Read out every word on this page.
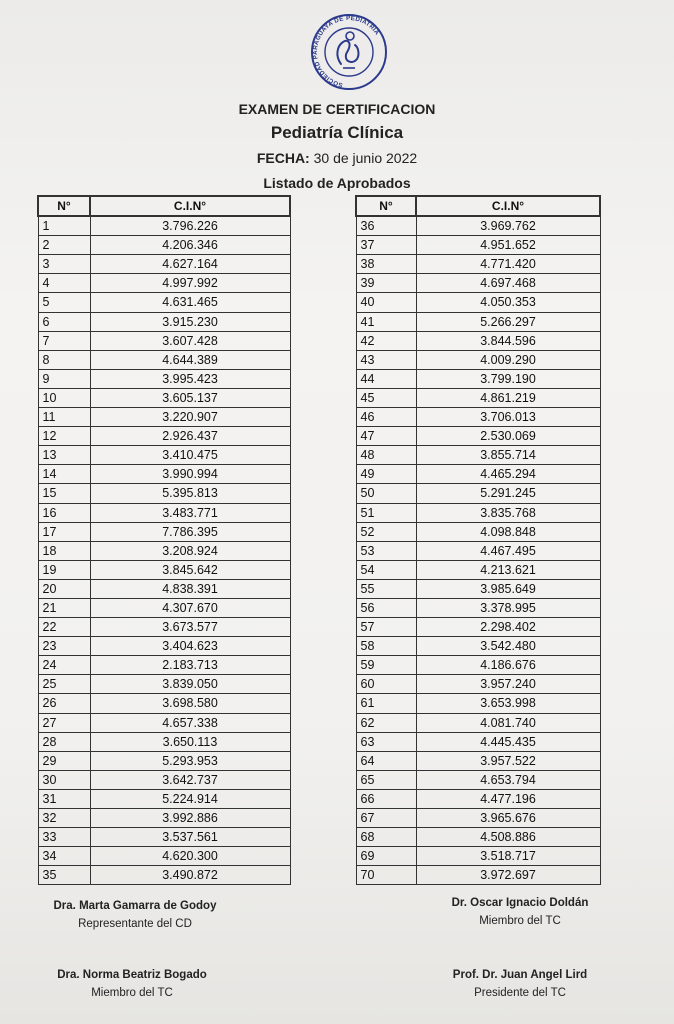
SOCIEDAD PARAGUAYA DE PEDIATRIA
EXAMEN DE CERTIFICACION
Pediatría Clínica
FECHA: 30 de junio 2022
Listado de Aprobados
N°	C.I.N°
1	3.796.226
2	4.206.346
3	4.627.164
4	4.997.992
5	4.631.465
6	3.915.230
7	3.607.428
8	4.644.389
9	3.995.423
10	3.605.137
11	3.220.907
12	2.926.437
13	3.410.475
14	3.990.994
15	5.395.813
16	3.483.771
17	7.786.395
18	3.208.924
19	3.845.642
20	4.838.391
21	4.307.670
22	3.673.577
23	3.404.623
24	2.183.713
25	3.839.050
26	3.698.580
27	4.657.338
28	3.650.113
29	5.293.953
30	3.642.737
31	5.224.914
32	3.992.886
33	3.537.561
34	4.620.300
35	3.490.872
N°	C.I.N°
36	3.969.762
37	4.951.652
38	4.771.420
39	4.697.468
40	4.050.353
41	5.266.297
42	3.844.596
43	4.009.290
44	3.799.190
45	4.861.219
46	3.706.013
47	2.530.069
48	3.855.714
49	4.465.294
50	5.291.245
51	3.835.768
52	4.098.848
53	4.467.495
54	4.213.621
55	3.985.649
56	3.378.995
57	2.298.402
58	3.542.480
59	4.186.676
60	3.957.240
61	3.653.998
62	4.081.740
63	4.445.435
64	3.957.522
65	4.653.794
66	4.477.196
67	3.965.676
68	4.508.886
69	3.518.717
70	3.972.697
Dra. Marta Gamarra de Godoy
Representante del CD
Dr. Oscar Ignacio Doldán
Miembro del TC
Dra. Norma Beatriz Bogado
Miembro del TC
Prof. Dr. Juan Angel Lird
Presidente del TC
